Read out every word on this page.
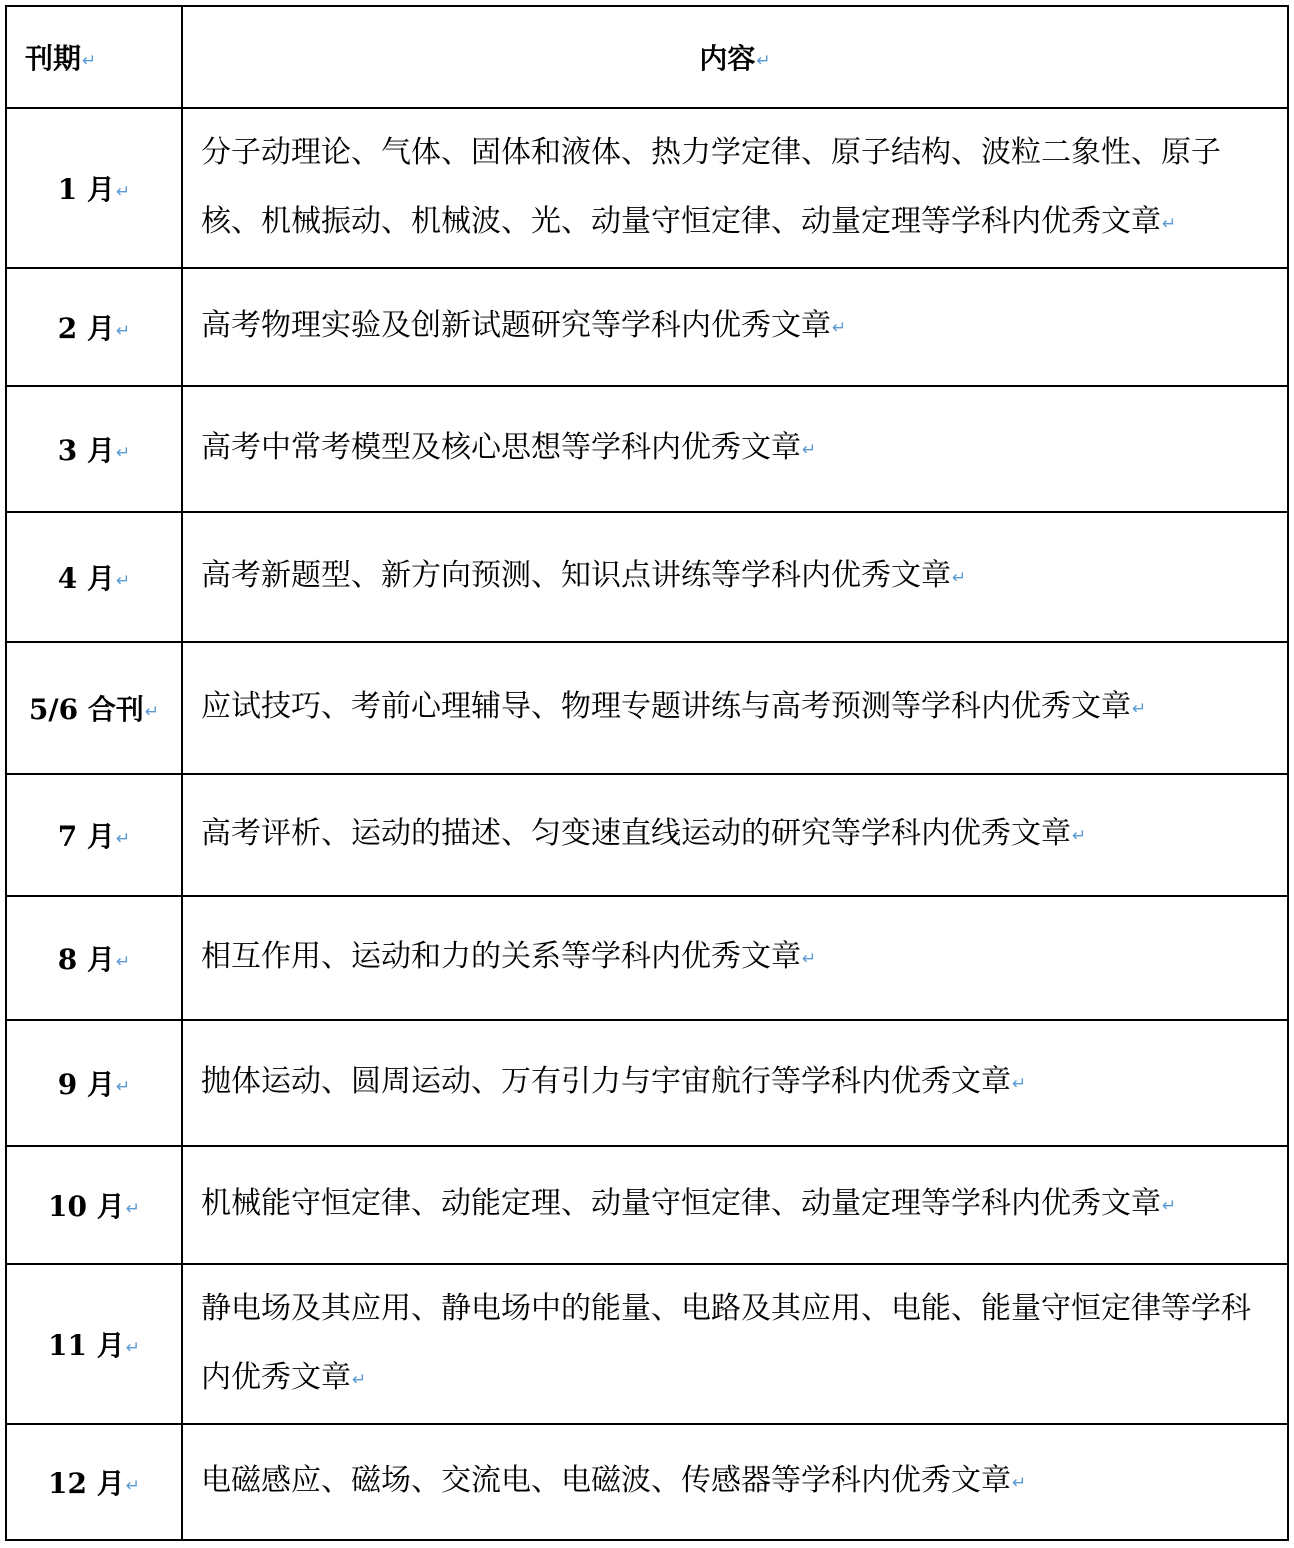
刊期↵	内容↵
1 月↵	分子动理论、气体、固体和液体、热力学定律、原子结构、波粒二象性、原子核、机械振动、机械波、光、动量守恒定律、动量定理等学科内优秀文章↵
2 月↵	高考物理实验及创新试题研究等学科内优秀文章↵
3 月↵	高考中常考模型及核心思想等学科内优秀文章↵
4 月↵	高考新题型、新方向预测、知识点讲练等学科内优秀文章↵
5/6 合刊↵	应试技巧、考前心理辅导、物理专题讲练与高考预测等学科内优秀文章↵
7 月↵	高考评析、运动的描述、匀变速直线运动的研究等学科内优秀文章↵
8 月↵	相互作用、运动和力的关系等学科内优秀文章↵
9 月↵	抛体运动、圆周运动、万有引力与宇宙航行等学科内优秀文章↵
10 月↵	机械能守恒定律、动能定理、动量守恒定律、动量定理等学科内优秀文章↵
11 月↵	静电场及其应用、静电场中的能量、电路及其应用、电能、能量守恒定律等学科内优秀文章↵
12 月↵	电磁感应、磁场、交流电、电磁波、传感器等学科内优秀文章↵
